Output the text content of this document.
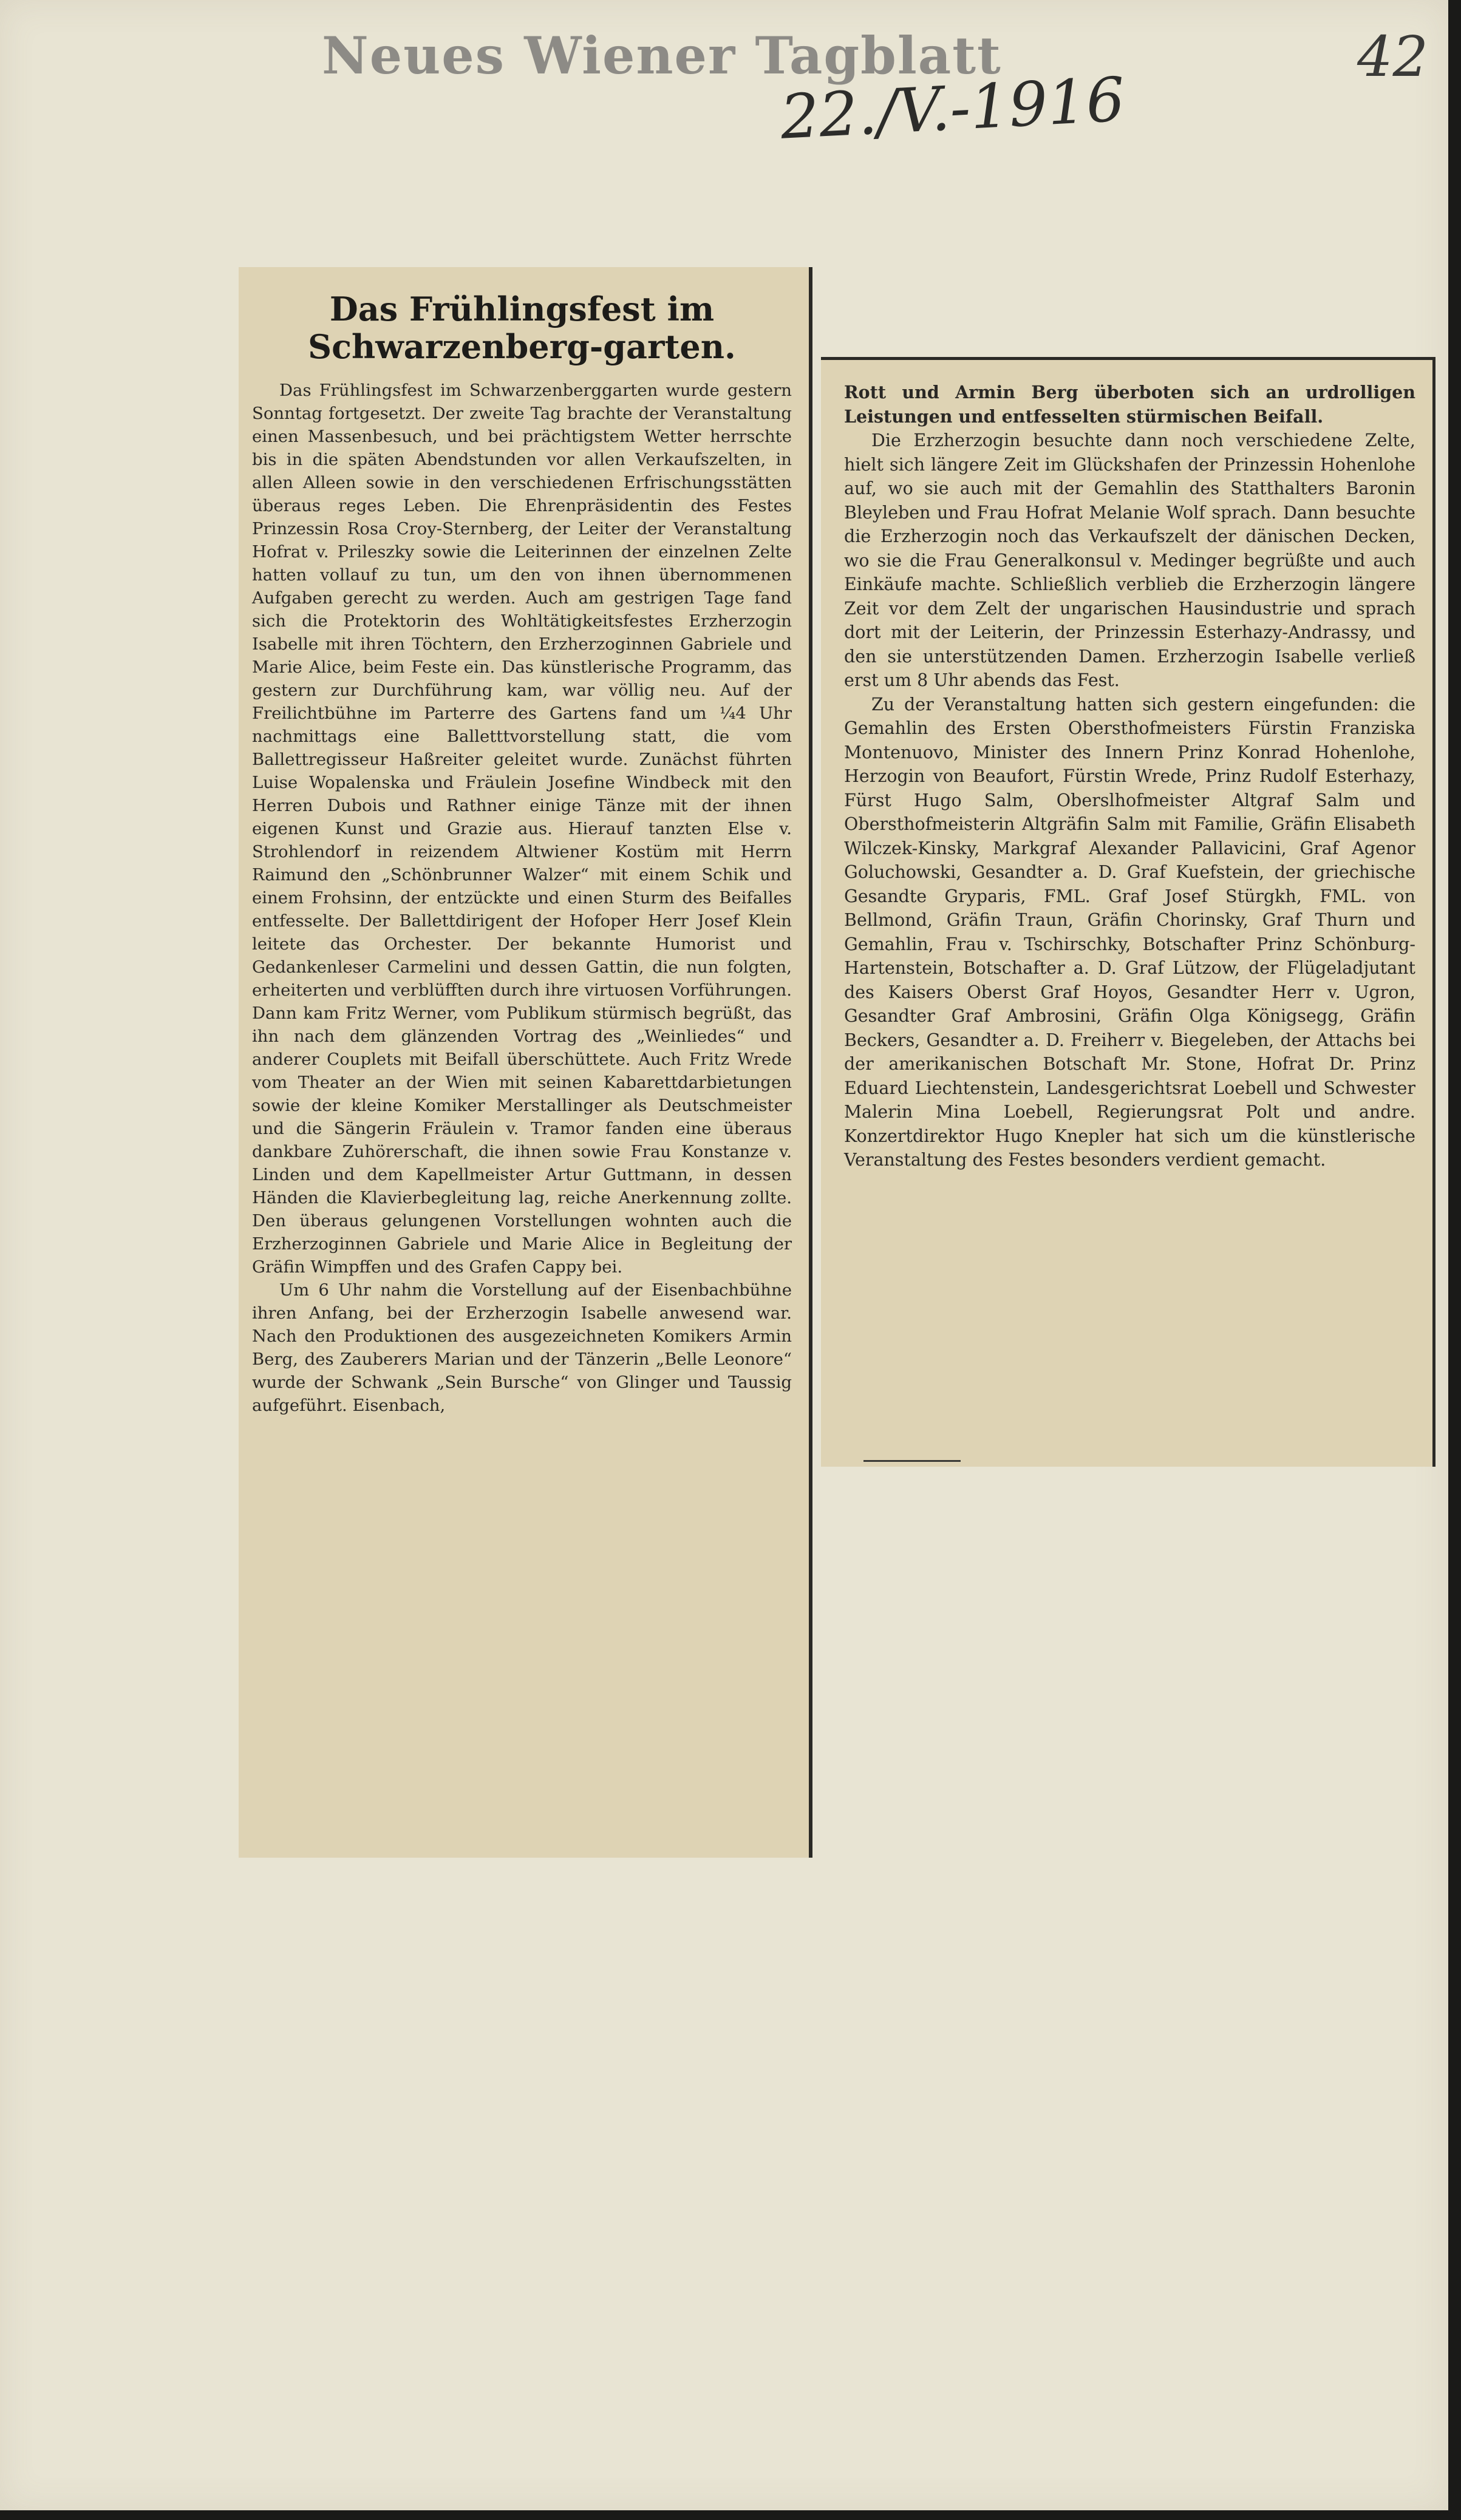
Neues Wiener Tagblatt
22./V.-1916
42
Das Frühlingsfest im Schwarzenberg-garten.

Das Frühlingsfest im Schwarzenberggarten wurde gestern Sonntag fortgesetzt. Der zweite Tag brachte der Veranstaltung einen Massenbesuch, und bei prächtigstem Wetter herrschte bis in die späten Abendstunden vor allen Verkaufszelten, in allen Alleen sowie in den verschiedenen Erfrischungsstätten überaus reges Leben. Die Ehrenpräsidentin des Festes Prinzessin Rosa Croy-Sternberg, der Leiter der Veranstaltung Hofrat v. Prileszky sowie die Leiterinnen der einzelnen Zelte hatten vollauf zu tun, um den von ihnen übernommenen Aufgaben gerecht zu werden. Auch am gestrigen Tage fand sich die Protektorin des Wohltätigkeitsfestes Erzherzogin Isabelle mit ihren Töchtern, den Erzherzoginnen Gabriele und Marie Alice, beim Feste ein. Das künstlerische Programm, das gestern zur Durchführung kam, war völlig neu. Auf der Freilichtbühne im Parterre des Gartens fand um ¼4 Uhr nachmittags eine Balletttvorstellung statt, die vom Ballettregisseur Haßreiter geleitet wurde. Zunächst führten Luise Wopalenska und Fräulein Josefine Windbeck mit den Herren Dubois und Rathner einige Tänze mit der ihnen eigenen Kunst und Grazie aus. Hierauf tanzten Else v. Strohlendorf in reizendem Altwiener Kostüm mit Herrn Raimund den „Schönbrunner Walzer“ mit einem Schik und einem Frohsinn, der entzückte und einen Sturm des Beifalles entfesselte. Der Ballettdirigent der Hofoper Herr Josef Klein leitete das Orchester. Der bekannte Humorist und Gedankenleser Carmelini und dessen Gattin, die nun folgten, erheiterten und verblüfften durch ihre virtuosen Vorführungen. Dann kam Fritz Werner, vom Publikum stürmisch begrüßt, das ihn nach dem glänzenden Vortrag des „Weinliedes“ und anderer Couplets mit Beifall überschüttete. Auch Fritz Wrede vom Theater an der Wien mit seinen Kabarettdarbietungen sowie der kleine Komiker Merstallinger als Deutschmeister und die Sängerin Fräulein v. Tramor fanden eine überaus dankbare Zuhörerschaft, die ihnen sowie Frau Konstanze v. Linden und dem Kapellmeister Artur Guttmann, in dessen Händen die Klavierbegleitung lag, reiche Anerkennung zollte. Den überaus gelungenen Vorstellungen wohnten auch die Erzherzoginnen Gabriele und Marie Alice in Begleitung der Gräfin Wimpffen und des Grafen Cappy bei.

Um 6 Uhr nahm die Vorstellung auf der Eisenbachbühne ihren Anfang, bei der Erzherzogin Isabelle anwesend war. Nach den Produktionen des ausgezeichneten Komikers Armin Berg, des Zauberers Marian und der Tänzerin „Belle Leonore“ wurde der Schwank „Sein Bursche“ von Glinger und Taussig aufgeführt. Eisenbach,

Rott und Armin Berg überboten sich an urdrolligen Leistungen und entfesselten stürmischen Beifall.

Die Erzherzogin besuchte dann noch verschiedene Zelte, hielt sich längere Zeit im Glückshafen der Prinzessin Hohenlohe auf, wo sie auch mit der Gemahlin des Statthalters Baronin Bleyleben und Frau Hofrat Melanie Wolf sprach. Dann besuchte die Erzherzogin noch das Verkaufszelt der dänischen Decken, wo sie die Frau Generalkonsul v. Medinger begrüßte und auch Einkäufe machte. Schließlich verblieb die Erzherzogin längere Zeit vor dem Zelt der ungarischen Hausindustrie und sprach dort mit der Leiterin, der Prinzessin Esterhazy-Andrassy, und den sie unterstützenden Damen. Erzherzogin Isabelle verließ erst um 8 Uhr abends das Fest.

Zu der Veranstaltung hatten sich gestern eingefunden: die Gemahlin des Ersten Obersthofmeisters Fürstin Franziska Montenuovo, Minister des Innern Prinz Konrad Hohenlohe, Herzogin von Beaufort, Fürstin Wrede, Prinz Rudolf Esterhazy, Fürst Hugo Salm, Oberslhofmeister Altgraf Salm und Obersthofmeisterin Altgräfin Salm mit Familie, Gräfin Elisabeth Wilczek-Kinsky, Markgraf Alexander Pallavicini, Graf Agenor Goluchowski, Gesandter a. D. Graf Kuefstein, der griechische Gesandte Gryparis, FML. Graf Josef Stürgkh, FML. von Bellmond, Gräfin Traun, Gräfin Chorinsky, Graf Thurn und Gemahlin, Frau v. Tschirschky, Botschafter Prinz Schönburg-Hartenstein, Botschafter a. D. Graf Lützow, der Flügeladjutant des Kaisers Oberst Graf Hoyos, Gesandter Herr v. Ugron, Gesandter Graf Ambrosini, Gräfin Olga Königsegg, Gräfin Beckers, Gesandter a. D. Freiherr v. Biegeleben, der Attachs bei der amerikanischen Botschaft Mr. Stone, Hofrat Dr. Prinz Eduard Liechtenstein, Landesgerichtsrat Loebell und Schwester Malerin Mina Loebell, Regierungsrat Polt und andre. Konzertdirektor Hugo Knepler hat sich um die künstlerische Veranstaltung des Festes besonders verdient gemacht.
